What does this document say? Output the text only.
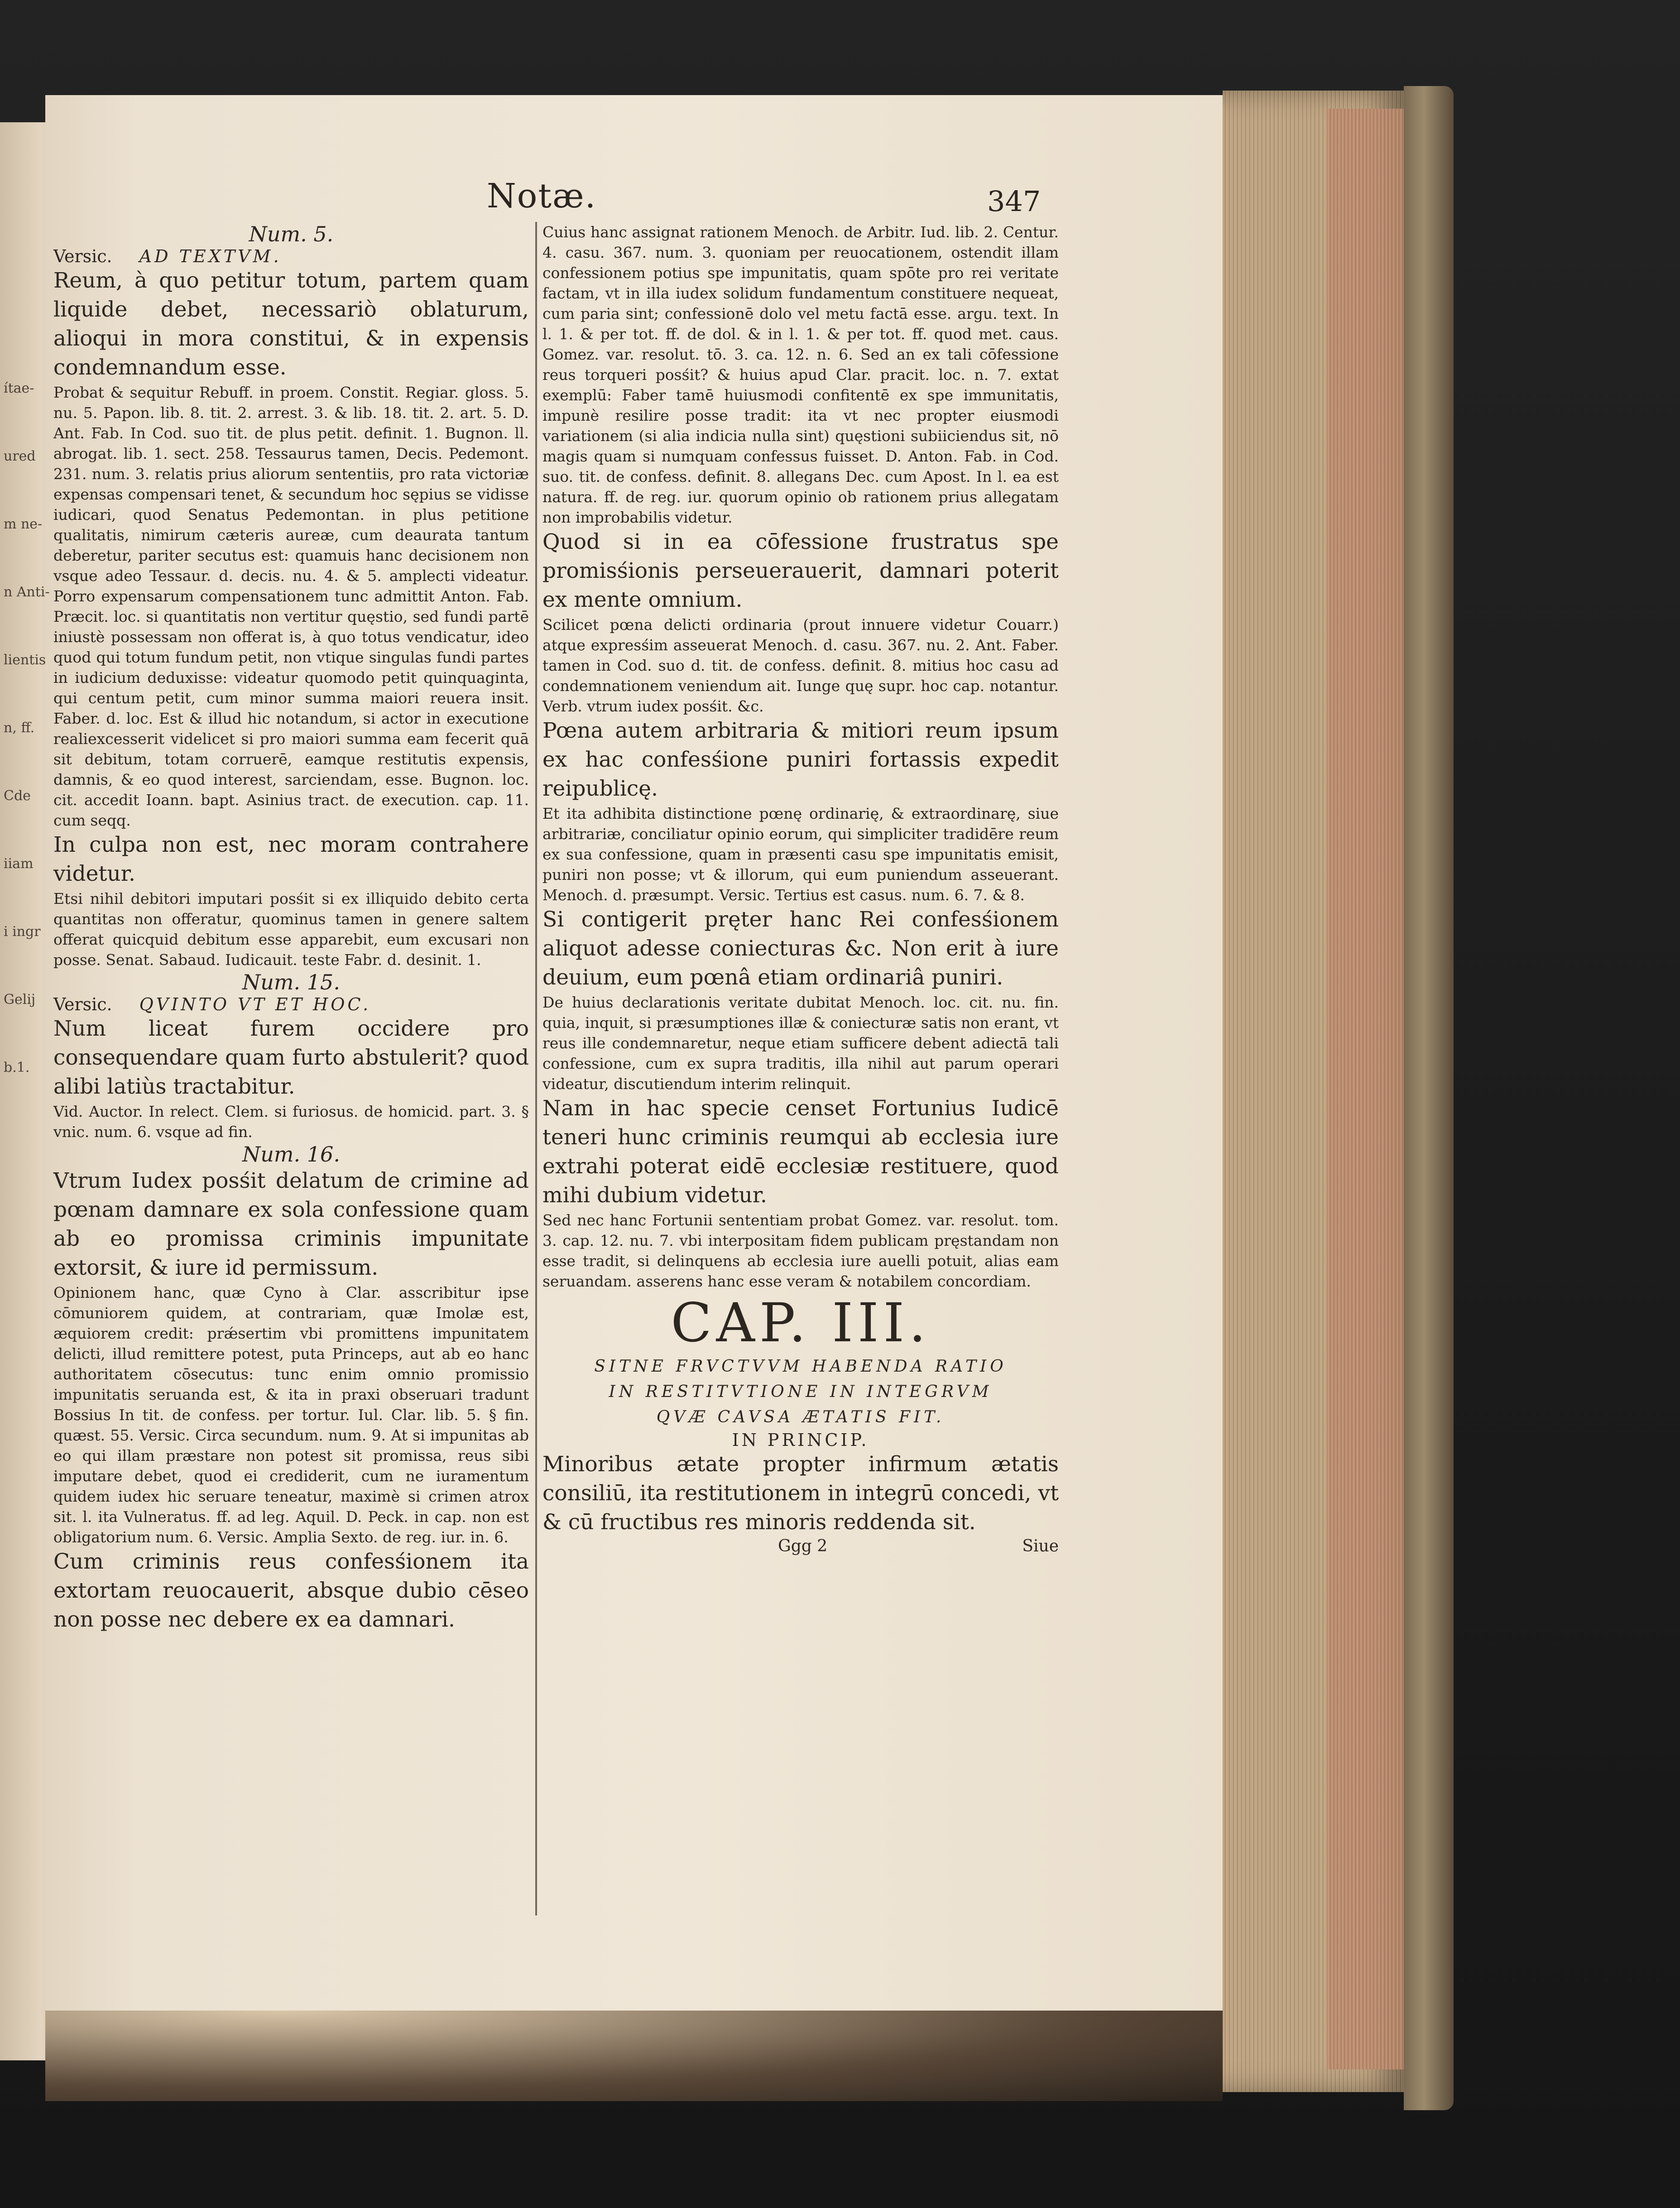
ítae-
ured
m ne-
n Anti-
lientis
n, ff.
Cde
iiam
i ingr
Gelij
b.1.
Notæ.	347

Num. 5.

Versic. AD TEXTVM.

Reum, à quo petitur totum, partem quam liquide debet, necessariò oblaturum, alioqui in mora constitui, & in expensis condemnandum esse.

Probat & sequitur Rebuff. in proem. Constit. Regiar. gloss. 5. nu. 5. Papon. lib. 8. tit. 2. arrest. 3. & lib. 18. tit. 2. art. 5. D. Ant. Fab. In Cod. suo tit. de plus petit. definit. 1. Bugnon. ll. abrogat. lib. 1. sect. 258. Tessaurus tamen, Decis. Pedemont. 231. num. 3. relatis prius aliorum sententiis, pro rata victoriæ expensas compensari tenet, & secundum hoc sępius se vidisse iudicari, quod Senatus Pedemontan. in plus petitione qualitatis, nimirum cæteris aureæ, cum deaurata tantum deberetur, pariter secutus est: quamuis hanc decisionem non vsque adeo Tessaur. d. decis. nu. 4. & 5. amplecti videatur. Porro expensarum compensationem tunc admittit Anton. Fab. Præcit. loc. si quantitatis non vertitur quęstio, sed fundi partē iniustè possessam non offerat is, à quo totus vendicatur, ideo quod qui totum fundum petit, non vtique singulas fundi partes in iudicium deduxisse: videatur quomodo petit quinquaginta, qui centum petit, cum minor summa maiori reuera insit. Faber. d. loc. Est & illud hic notandum, si actor in executione realiexcesserit videlicet si pro maiori summa eam fecerit quā sit debitum, totam corruerē, eamque restitutis expensis, damnis, & eo quod interest, sarciendam, esse. Bugnon. loc. cit. accedit Ioann. bapt. Asinius tract. de execution. cap. 11. cum seqq.

In culpa non est, nec moram contrahere videtur.

Etsi nihil debitori imputari posśit si ex illiquido debito certa quantitas non offeratur, quominus tamen in genere saltem offerat quicquid debitum esse apparebit, eum excusari non posse. Senat. Sabaud. Iudicauit. teste Fabr. d. desinit. 1.

Num. 15.

Versic. QVINTO VT ET HOC.

Num liceat furem occidere pro consequendare quam furto abstulerit? quod alibi latiùs tractabitur.

Vid. Auctor. In relect. Clem. si furiosus. de homicid. part. 3. § vnic. num. 6. vsque ad fin.

Num. 16.

Vtrum Iudex posśit delatum de crimine ad pœnam damnare ex sola confessione quam ab eo promissa criminis impunitate extorsit, & iure id permissum.

Opinionem hanc, quæ Cyno à Clar. asscribitur ipse cōmuniorem quidem, at contrariam, quæ Imolæ est, æquiorem credit: prǽsertim vbi promittens impunitatem delicti, illud remittere potest, puta Princeps, aut ab eo hanc authoritatem cōsecutus: tunc enim omnio promissio impunitatis seruanda est, & ita in praxi obseruari tradunt Bossius In tit. de confess. per tortur. Iul. Clar. lib. 5. § fin. quæst. 55. Versic. Circa secundum. num. 9. At si impunitas ab eo qui illam præstare non potest sit promissa, reus sibi imputare debet, quod ei crediderit, cum ne iuramentum quidem iudex hic seruare teneatur, maximè si crimen atrox sit. l. ita Vulneratus. ff. ad leg. Aquil. D. Peck. in cap. non est obligatorium num. 6. Versic. Amplia Sexto. de reg. iur. in. 6.

Cum criminis reus confesśionem ita extortam reuocauerit, absque dubio cēseo non posse nec debere ex ea damnari.

Cuius hanc assignat rationem Menoch. de Arbitr. Iud. lib. 2. Centur. 4. casu. 367. num. 3. quoniam per reuocationem, ostendit illam confessionem potius spe impunitatis, quam spōte pro rei veritate factam, vt in illa iudex solidum fundamentum constituere nequeat, cum paria sint; confessionē dolo vel metu factā esse. argu. text. In l. 1. & per tot. ff. de dol. & in l. 1. & per tot. ff. quod met. caus. Gomez. var. resolut. tō. 3. ca. 12. n. 6. Sed an ex tali cōfessione reus torqueri posśit? & huius apud Clar. pracit. loc. n. 7. extat exemplū: Faber tamē huiusmodi confitentē ex spe immunitatis, impunè resilire posse tradit: ita vt nec propter eiusmodi variationem (si alia indicia nulla sint) quęstioni subiiciendus sit, nō magis quam si numquam confessus fuisset. D. Anton. Fab. in Cod. suo. tit. de confess. definit. 8. allegans Dec. cum Apost. In l. ea est natura. ff. de reg. iur. quorum opinio ob rationem prius allegatam non improbabilis videtur.

Quod si in ea cōfessione frustratus spe promisśionis perseuerauerit, damnari poterit ex mente omnium.

Scilicet pœna delicti ordinaria (prout innuere videtur Couarr.) atque expresśim asseuerat Menoch. d. casu. 367. nu. 2. Ant. Faber. tamen in Cod. suo d. tit. de confess. definit. 8. mitius hoc casu ad condemnationem veniendum ait. Iunge quę supr. hoc cap. notantur. Verb. vtrum iudex posśit. &c.

Pœna autem arbitraria & mitiori reum ipsum ex hac confesśione puniri fortassis expedit reipublicę.

Et ita adhibita distinctione pœnę ordinarię, & extraordinarę, siue arbitrariæ, conciliatur opinio eorum, qui simpliciter tradidēre reum ex sua confessione, quam in præsenti casu spe impunitatis emisit, puniri non posse; vt & illorum, qui eum puniendum asseuerant. Menoch. d. præsumpt. Versic. Tertius est casus. num. 6. 7. & 8.

Si contigerit pręter hanc Rei confesśionem aliquot adesse coniecturas &c. Non erit à iure deuium, eum pœnâ etiam ordinariâ puniri.

De huius declarationis veritate dubitat Menoch. loc. cit. nu. fin. quia, inquit, si præsumptiones illæ & coniecturæ satis non erant, vt reus ille condemnaretur, neque etiam sufficere debent adiectā tali confessione, cum ex supra traditis, illa nihil aut parum operari videatur, discutiendum interim relinquit.

Nam in hac specie censet Fortunius Iudicē teneri hunc criminis reumqui ab ecclesia iure extrahi poterat eidē ecclesiæ restituere, quod mihi dubium videtur.

Sed nec hanc Fortunii sententiam probat Gomez. var. resolut. tom. 3. cap. 12. nu. 7. vbi interpositam fidem publicam pręstandam non esse tradit, si delinquens ab ecclesia iure auelli potuit, alias eam seruandam. asserens hanc esse veram & notabilem concordiam.

CAP. III.

SITNE FRVCTVVM HABENDA RATIO

IN RESTITVTIONE IN INTEGRVM

QVÆ CAVSA ÆTATIS FIT.

IN PRINCIP.

Minoribus ætate propter infirmum ætatis consiliū, ita restitutionem in integrū concedi, vt & cū fructibus res minoris reddenda sit.

Ggg 2	Siue
